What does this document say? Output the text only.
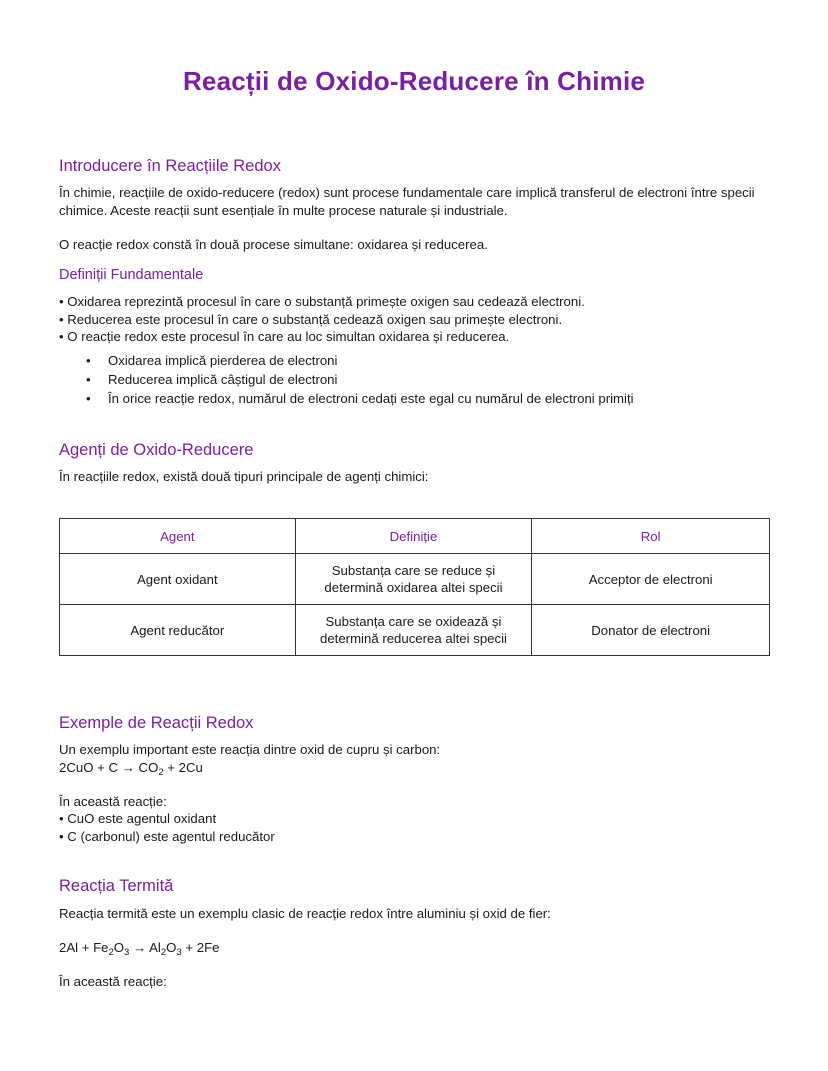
Reacții de Oxido-Reducere în Chimie
Introducere în Reacțiile Redox
În chimie, reacțiile de oxido-reducere (redox) sunt procese fundamentale care implică transferul de electroni între specii chimice. Aceste reacții sunt esențiale în multe procese naturale și industriale.
O reacție redox constă în două procese simultane: oxidarea și reducerea.
Definiții Fundamentale
• Oxidarea reprezintă procesul în care o substanță primește oxigen sau cedează electroni.
• Reducerea este procesul în care o substanță cedează oxigen sau primește electroni.
• O reacție redox este procesul în care au loc simultan oxidarea și reducerea.
• Oxidarea implică pierderea de electroni
• Reducerea implică câștigul de electroni
• În orice reacție redox, numărul de electroni cedați este egal cu numărul de electroni primiți
Agenți de Oxido-Reducere
În reacțiile redox, există două tipuri principale de agenți chimici:
Agent	Definiție	Rol
Agent oxidant	Substanța care se reduce și determină oxidarea altei specii	Acceptor de electroni
Agent reducător	Substanța care se oxidează și determină reducerea altei specii	Donator de electroni
Exemple de Reacții Redox
Un exemplu important este reacția dintre oxid de cupru și carbon:
$2CuO + C \to CO_2 + 2Cu$
În această reacție:
• CuO este agentul oxidant
• C (carbonul) este agentul reducător
Reacția Termită
Reacția termită este un exemplu clasic de reacție redox între aluminiu și oxid de fier:
$2Al + Fe_2O_3 \to Al_2O_3 + 2Fe$
În această reacție:
